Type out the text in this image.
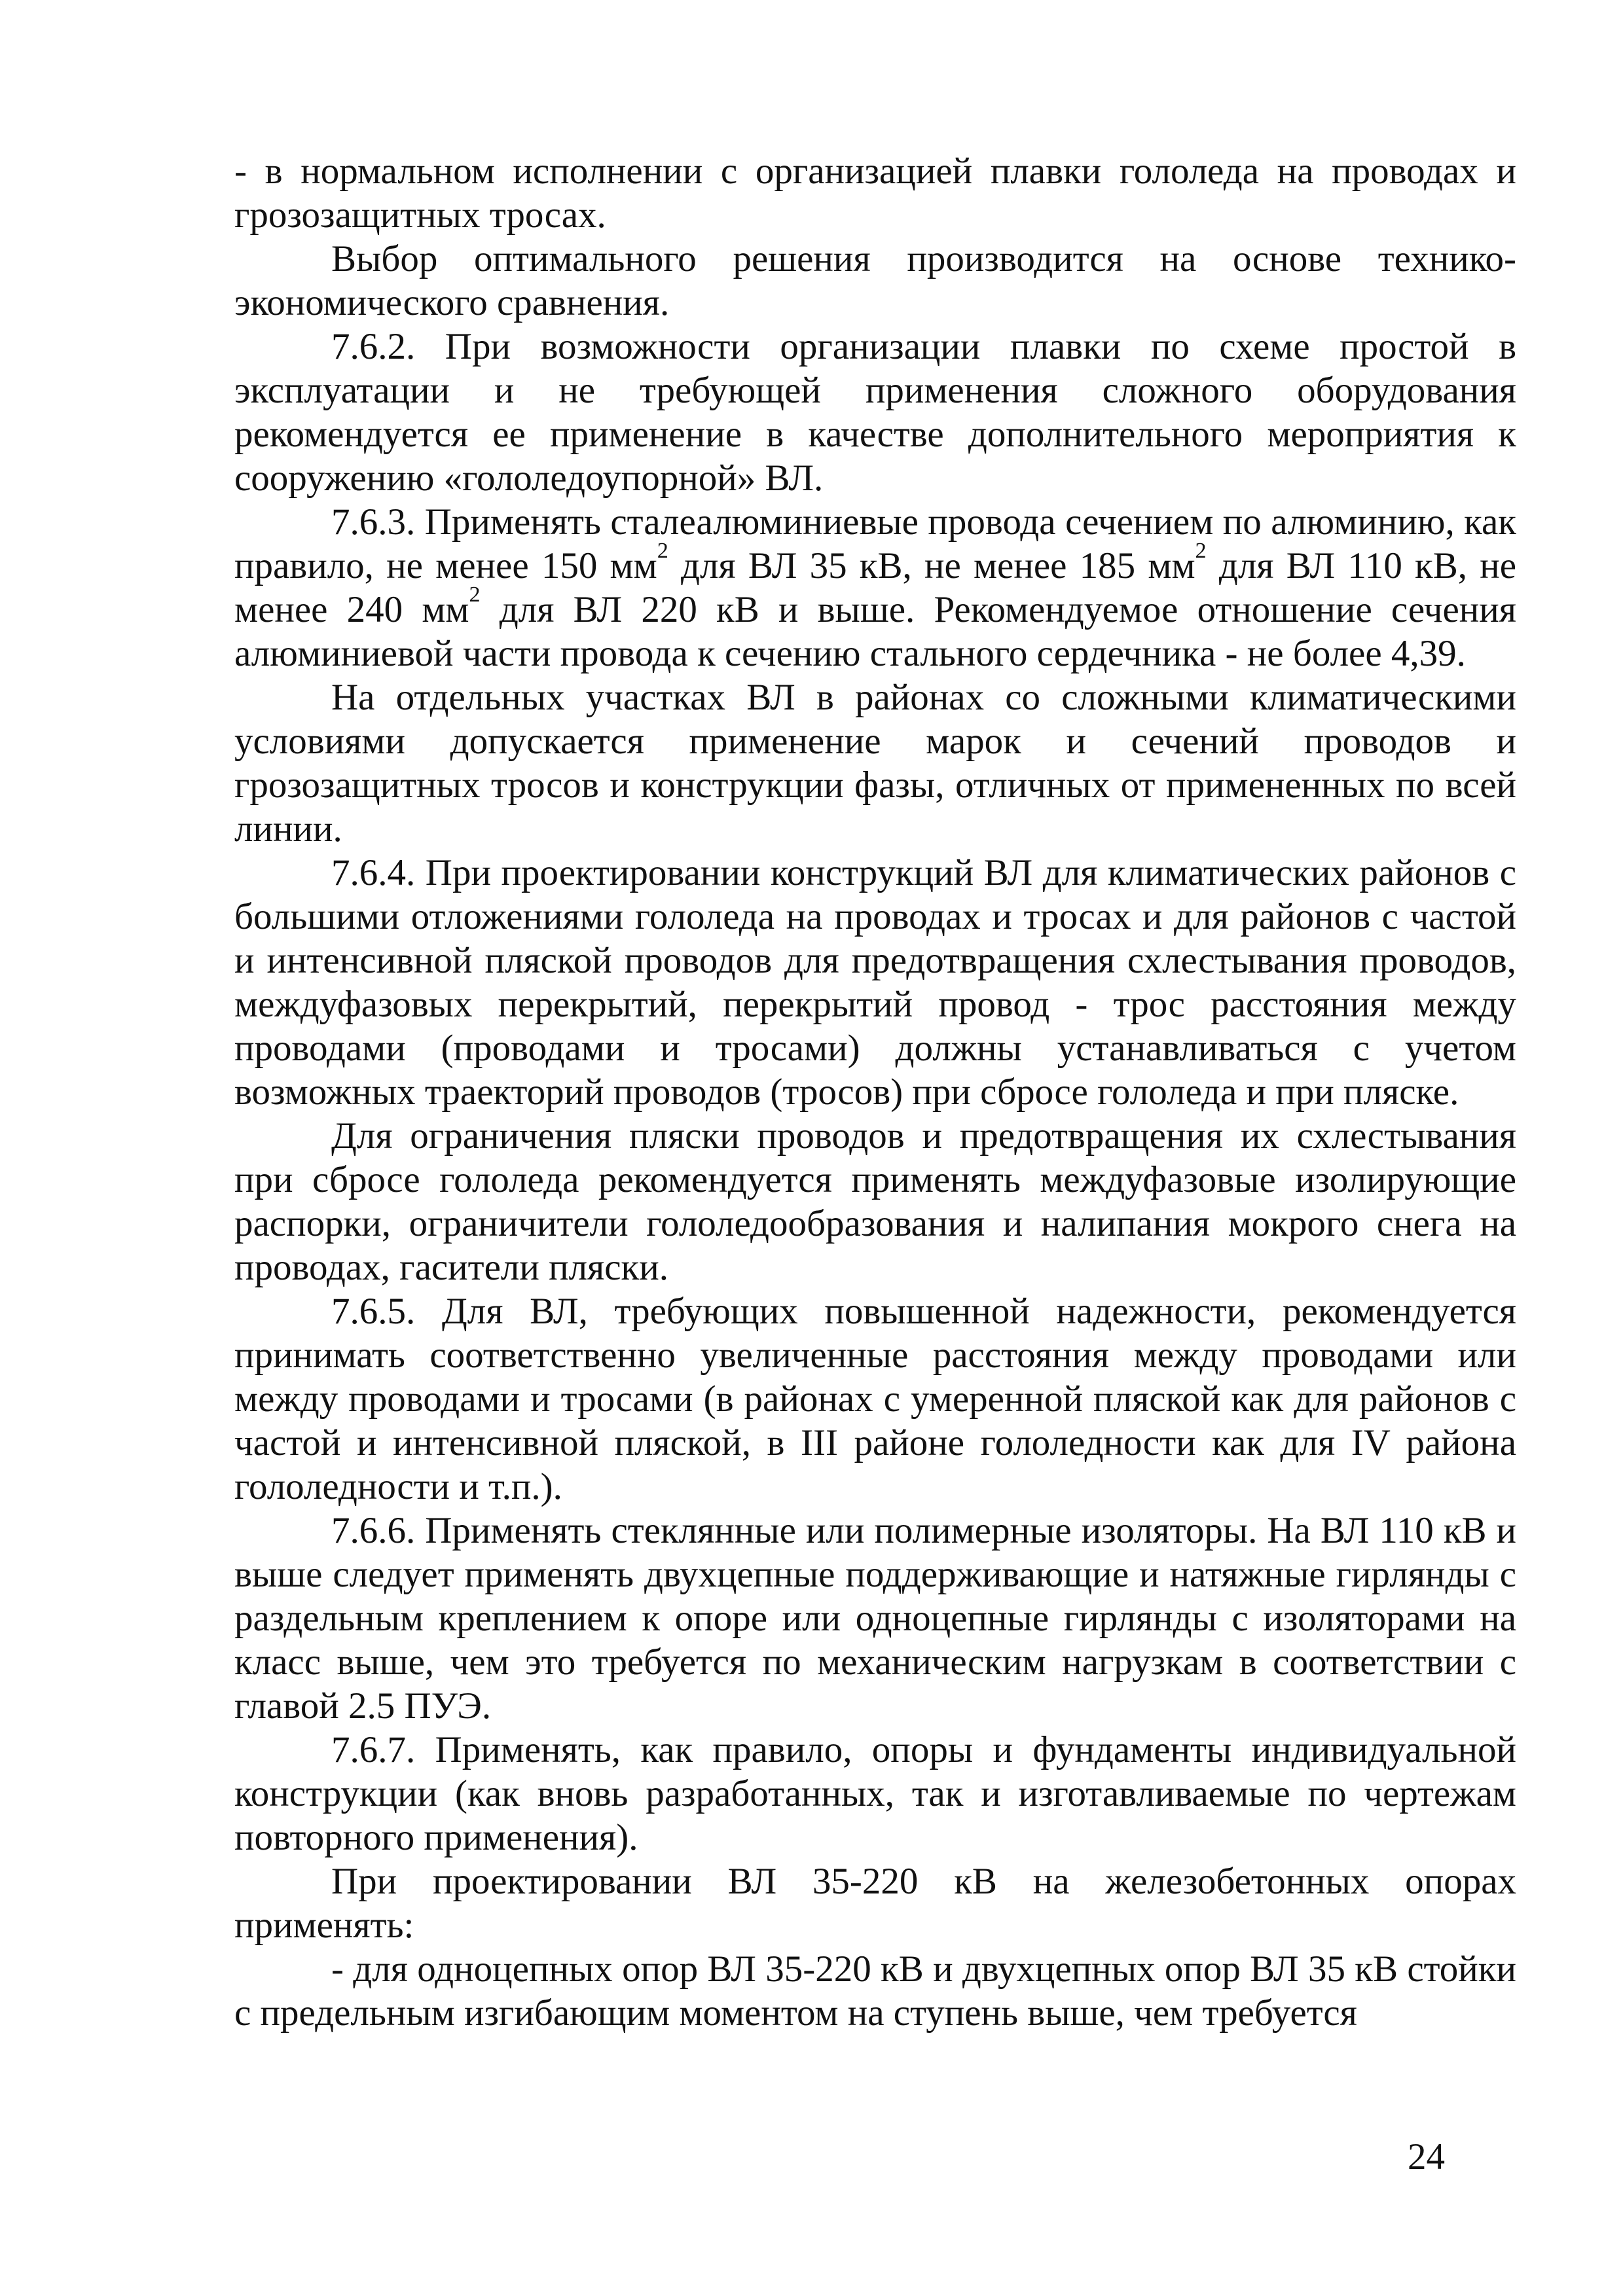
- в нормальном исполнении с организацией плавки гололеда на проводах и грозозащитных тросах.

Выбор оптимального решения производится на основе технико-экономического сравнения.

7.6.2. При возможности организации плавки по схеме простой в эксплуатации и не требующей применения сложного оборудования рекомендуется ее применение в качестве дополнительного мероприятия к сооружению «гололедоупорной» ВЛ.

7.6.3. Применять сталеалюминиевые провода сечением по алюминию, как правило, не менее 150 $мм^2$ для ВЛ 35 кВ, не менее 185 $мм^2$ для ВЛ 110 кВ, не менее 240 $мм^2$ для ВЛ 220 кВ и выше. Рекомендуемое отношение сечения алюминиевой части провода к сечению стального сердечника - не более 4,39.

На отдельных участках ВЛ в районах со сложными климатическими условиями допускается применение марок и сечений проводов и грозозащитных тросов и конструкции фазы, отличных от примененных по всей линии.

7.6.4. При проектировании конструкций ВЛ для климатических районов с большими отложениями гололеда на проводах и тросах и для районов с частой и интенсивной пляской проводов для предотвращения схлестывания проводов, междуфазовых перекрытий, перекрытий провод - трос расстояния между проводами (проводами и тросами) должны устанавливаться с учетом возможных траекторий проводов (тросов) при сбросе гололеда и при пляске.

Для ограничения пляски проводов и предотвращения их схлестывания при сбросе гололеда рекомендуется применять междуфазовые изолирующие распорки, ограничители гололедообразования и налипания мокрого снега на проводах, гасители пляски.

7.6.5. Для ВЛ, требующих повышенной надежности, рекомендуется принимать соответственно увеличенные расстояния между проводами или между проводами и тросами (в районах с умеренной пляской как для районов с частой и интенсивной пляской, в III районе гололедности как для IV района гололедности и т.п.).

7.6.6. Применять стеклянные или полимерные изоляторы. На ВЛ 110 кВ и выше следует применять двухцепные поддерживающие и натяжные гирлянды с раздельным креплением к опоре или одноцепные гирлянды с изоляторами на класс выше, чем это требуется по механическим нагрузкам в соответствии с главой 2.5 ПУЭ.

7.6.7. Применять, как правило, опоры и фундаменты индивидуальной конструкции (как вновь разработанных, так и изготавливаемые по чертежам повторного применения).

При проектировании ВЛ 35-220 кВ на железобетонных опорах применять:

- для одноцепных опор ВЛ 35-220 кВ и двухцепных опор ВЛ 35 кВ стойки с предельным изгибающим моментом на ступень выше, чем требуется

24
